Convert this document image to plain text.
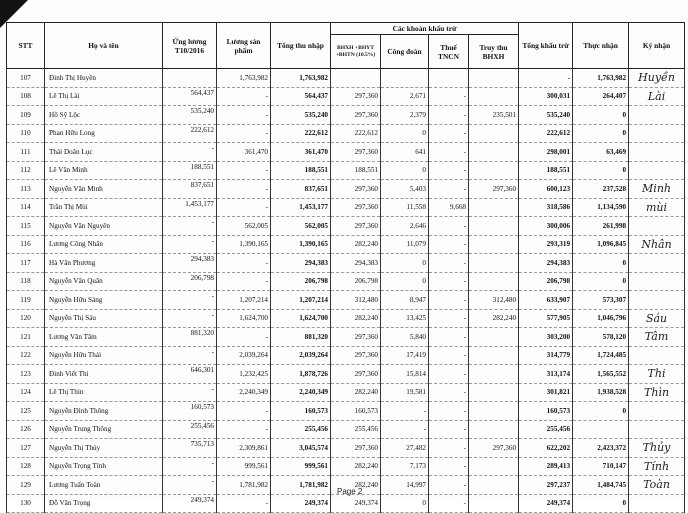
STT	Họ và tên	Ứng lương T10/2016	Lương sản phẩm	Tổng thu nhập	Các khoản khấu trừ				Tổng khấu trừ	Thực nhận	Ký nhận
					BHXH +BHYT +BHTN (10.5%)	Công đoàn	Thuế TNCN	Truy thu BHXH			
107	Đinh Thị Huyền		1,763,982	1,763,982					-	1,763,982	Huyền

108	Lê Thị Lài	564,437	-	564,437	297,360	2,671	-		300,031	264,407	Lài

109	Hồ Sỹ Lộc	535,240	-	535,240	297,360	2,379	-	235,501	535,240	0	

110	Phan Hữu Long	222,612	-	222,612	222,612	0	-		222,612	0	

111	Thái Doãn Lục	-	361,470	361,470	297,360	641	-		298,001	63,469	

112	Lê Văn Minh	188,551	-	188,551	188,551	0	-		188,551	0	

113	Nguyễn Văn Minh	837,651	-	837,651	297,360	5,403	-	297,360	600,123	237,528	Minh

114	Trần Thị Mùi	1,453,177	-	1,453,177	297,360	11,558	9,668		318,586	1,134,590	mùi

115	Nguyễn Văn Nguyên	-	562,005	562,005	297,360	2,646	-		300,006	261,998	

116	Lương Công Nhân	-	1,390,165	1,390,165	282,240	11,079	-		293,319	1,096,845	Nhân

117	Hà Văn Phương	294,383	-	294,383	294,383	0	-		294,383	0	

118	Nguyễn Văn Quân	206,798	-	206,798	206,798	0	-		206,798	0	

119	Nguyễn Hữu Sáng	-	1,207,214	1,207,214	312,480	8,947	-	312,480	633,907	573,307	

120	Nguyễn Thị Sáu	-	1,624,700	1,624,700	282,240	13,425	-	282,240	577,905	1,046,796	Sáu

121	Lương Văn Tâm	881,320	-	881,320	297,360	5,840	-		303,200	578,120	Tâm

122	Nguyễn Hữu Thái	-	2,039,264	2,039,264	297,360	17,419	-		314,779	1,724,485	

123	Đinh Viết Thi	646,301	1,232,425	1,878,726	297,360	15,814	-		313,174	1,565,552	Thi

124	Lê Thị Thìn	-	2,240,349	2,240,349	282,240	19,581	-		301,821	1,938,528	Thìn

125	Nguyễn Đình Thông	160,573	-	160,573	160,573	-	-		160,573	0	

126	Nguyễn Trung Thông	255,456	-	255,456	255,456	-	-		255,456		

127	Nguyễn Thị Thủy	735,713	2,309,861	3,045,574	297,360	27,482	-	297,360	622,202	2,423,372	Thủy

128	Nguyễn Trọng Tính	-	999,561	999,561	282,240	7,173	-		289,413	710,147	Tính

129	Lương Tuấn Toàn	-	1,781,982	1,781,982	282,240	14,997	-		297,237	1,484,745	Toàn

130	Đỗ Văn Trọng	249,374	-	249,374	249,374	0	-		249,374	0	
Page 2
